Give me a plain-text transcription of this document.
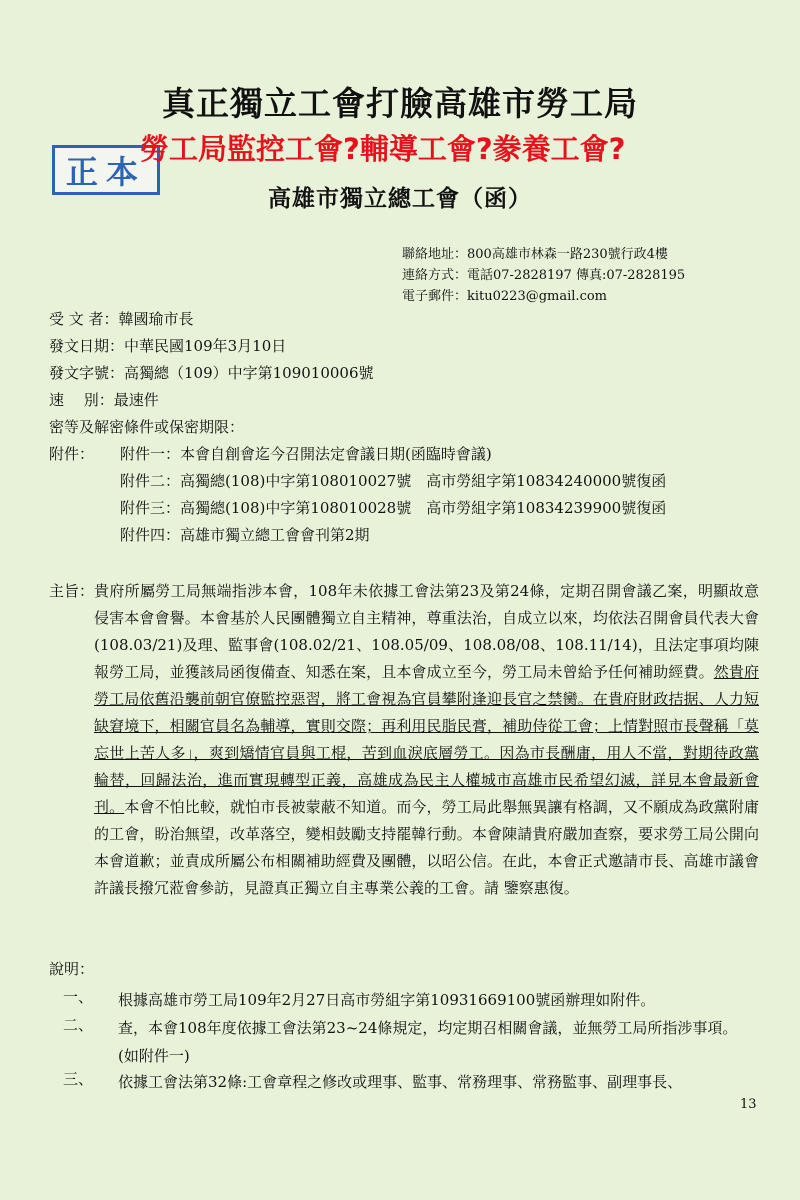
真正獨立工會打臉高雄市勞工局
正本
勞工局監控工會?輔導工會?豢養工會?
高雄市獨立總工會（函）
聯絡地址：800高雄市林森一路230號行政4樓
連絡方式：電話07-2828197 傳真:07-2828195
電子郵件：kitu0223@gmail.com
受 文 者：韓國瑜市長
發文日期：中華民國109年3月10日
發文字號：高獨總（109）中字第109010006號
速　 別：最速件
密等及解密條件或保密期限：
附件： 附件一：本會自創會迄今召開法定會議日期(函臨時會議)
附件二：高獨總(108)中字第108010027號　高市勞組字第10834240000號復函
附件三：高獨總(108)中字第108010028號　高市勞組字第10834239900號復函
附件四：高雄市獨立總工會會刊第2期
主旨： 貴府所屬勞工局無端指涉本會，108年未依據工會法第23及第24條，定期召開會議乙案，明顯故意侵害本會會譽。本會基於人民團體獨立自主精神，尊重法治，自成立以來，均依法召開會員代表大會(108.03/21)及理、監事會(108.02/21、108.05/09、108.08/08、108.11/14)，且法定事項均陳報勞工局，並獲該局函復備查、知悉在案，且本會成立至今，勞工局未曾給予任何補助經費。然貴府勞工局依舊沿襲前朝官僚監控惡習，將工會視為官員攀附逢迎長官之禁臠。在貴府財政拮据、人力短缺窘境下，相關官員名為輔導，實則交際；再利用民脂民膏，補助侍從工會；上情對照市長聲稱「莫忘世上苦人多」，爽到矯情官員與工棍，苦到血淚底層勞工。因為市長酬庸，用人不當，對期待政黨輪替，回歸法治，進而實現轉型正義，高雄成為民主人權城市高雄市民希望幻滅，詳見本會最新會刊。本會不怕比較，就怕市長被蒙蔽不知道。而今，勞工局此舉無異讓有格調，又不願成為政黨附庸的工會，盼治無望，改革落空，變相鼓勵支持罷韓行動。本會陳請貴府嚴加查察，要求勞工局公開向本會道歉；並責成所屬公布相關補助經費及團體，以昭公信。在此，本會正式邀請市長、高雄市議會許議長撥冗蒞會參訪，見證真正獨立自主專業公義的工會。請 鑒察惠復。
說明：
一、 根據高雄市勞工局109年2月27日高市勞組字第10931669100號函辦理如附件。
二、 查，本會108年度依據工會法第23~24條規定，均定期召相關會議，並無勞工局所指涉事項。(如附件一)
三、 依據工會法第32條:工會章程之修改或理事、監事、常務理事、常務監事、副理事長、
13
